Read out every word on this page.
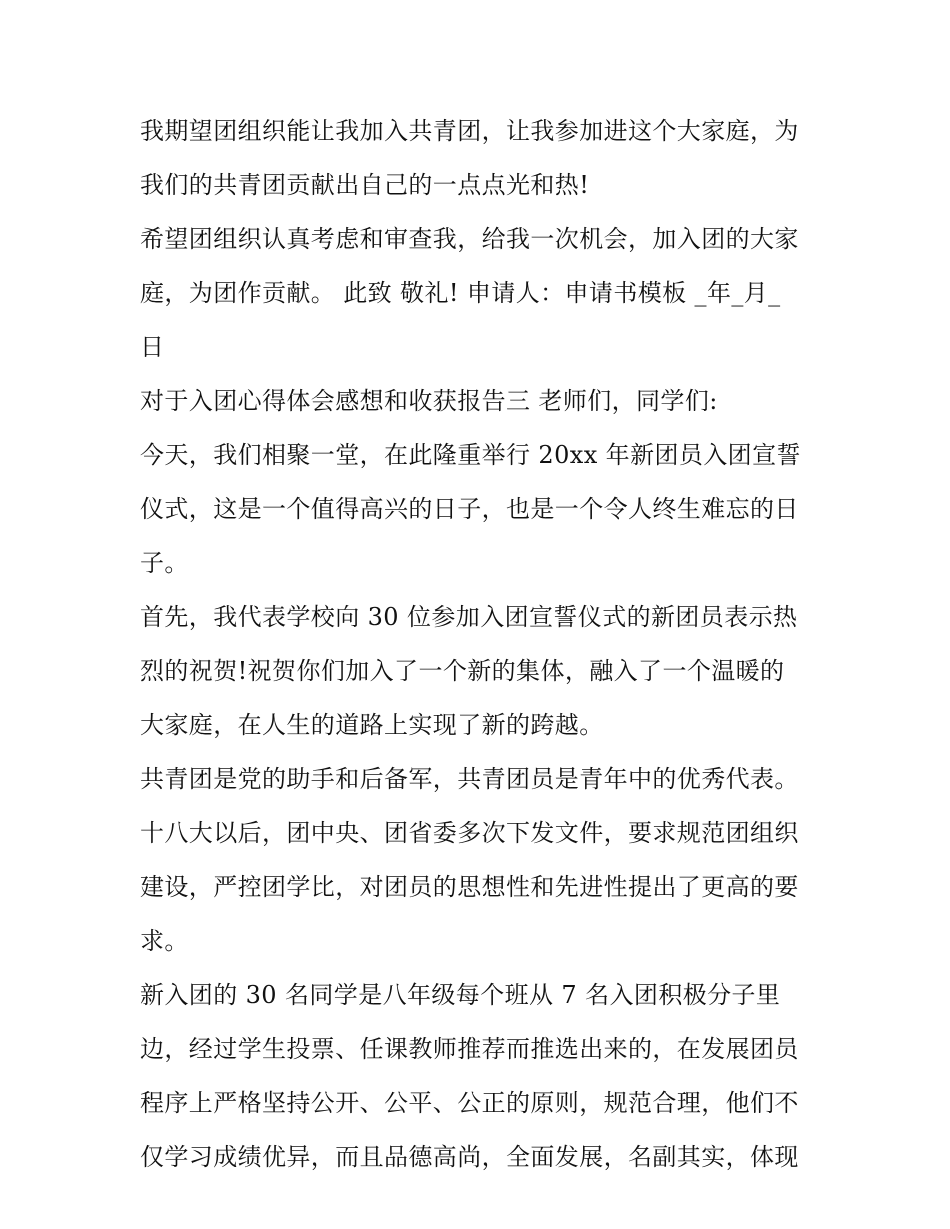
我期望团组织能让我加入共青团，让我参加进这个大家庭，为
我们的共青团贡献出自己的一点点光和热!
希望团组织认真考虑和审查我，给我一次机会，加入团的大家
庭，为团作贡献。 此致 敬礼! 申请人：申请书模板 _年_月_
日
对于入团心得体会感想和收获报告三 老师们，同学们:
今天，我们相聚一堂，在此隆重举行 20xx 年新团员入团宣誓
仪式，这是一个值得高兴的日子，也是一个令人终生难忘的日
子。
首先，我代表学校向 30 位参加入团宣誓仪式的新团员表示热
烈的祝贺!祝贺你们加入了一个新的集体，融入了一个温暖的
大家庭，在人生的道路上实现了新的跨越。
共青团是党的助手和后备军，共青团员是青年中的优秀代表。
十八大以后，团中央、团省委多次下发文件，要求规范团组织
建设，严控团学比，对团员的思想性和先进性提出了更高的要
求。
新入团的 30 名同学是八年级每个班从 7 名入团积极分子里
边，经过学生投票、任课教师推荐而推选出来的，在发展团员
程序上严格坚持公开、公平、公正的原则，规范合理，他们不
仅学习成绩优异，而且品德高尚，全面发展，名副其实，体现
